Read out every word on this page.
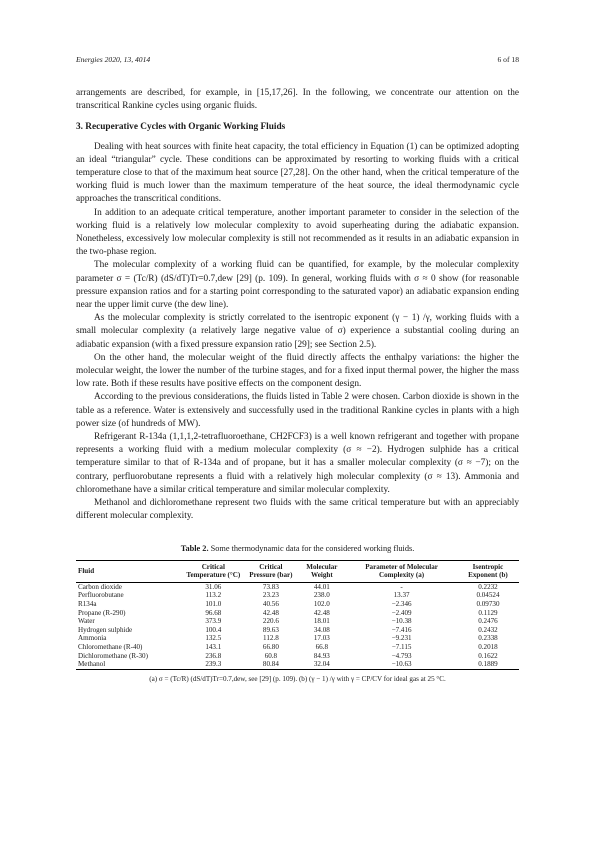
Energies 2020, 13, 4014	6 of 18

arrangements are described, for example, in [15,17,26]. In the following, we concentrate our attention on the transcritical Rankine cycles using organic fluids.

3. Recuperative Cycles with Organic Working Fluids

Dealing with heat sources with finite heat capacity, the total efficiency in Equation (1) can be optimized adopting an ideal “triangular” cycle. These conditions can be approximated by resorting to working fluids with a critical temperature close to that of the maximum heat source [27,28]. On the other hand, when the critical temperature of the working fluid is much lower than the maximum temperature of the heat source, the ideal thermodynamic cycle approaches the transcritical conditions.

In addition to an adequate critical temperature, another important parameter to consider in the selection of the working fluid is a relatively low molecular complexity to avoid superheating during the adiabatic expansion. Nonetheless, excessively low molecular complexity is still not recommended as it results in an adiabatic expansion in the two-phase region.

The molecular complexity of a working fluid can be quantified, for example, by the molecular complexity parameter σ = (Tc/R) (dS/dT)Tr=0.7,dew [29] (p. 109). In general, working fluids with σ ≈ 0 show (for reasonable pressure expansion ratios and for a starting point corresponding to the saturated vapor) an adiabatic expansion ending near the upper limit curve (the dew line).

As the molecular complexity is strictly correlated to the isentropic exponent (γ − 1) /γ, working fluids with a small molecular complexity (a relatively large negative value of σ) experience a substantial cooling during an adiabatic expansion (with a fixed pressure expansion ratio [29]; see Section 2.5).

On the other hand, the molecular weight of the fluid directly affects the enthalpy variations: the higher the molecular weight, the lower the number of the turbine stages, and for a fixed input thermal power, the higher the mass low rate. Both if these results have positive effects on the component design.

According to the previous considerations, the fluids listed in Table 2 were chosen. Carbon dioxide is shown in the table as a reference. Water is extensively and successfully used in the traditional Rankine cycles in plants with a high power size (of hundreds of MW).

Refrigerant R-134a (1,1,1,2-tetrafluoroethane, CH2FCF3) is a well known refrigerant and together with propane represents a working fluid with a medium molecular complexity (σ ≈ −2). Hydrogen sulphide has a critical temperature similar to that of R-134a and of propane, but it has a smaller molecular complexity (σ ≈ −7); on the contrary, perfluorobutane represents a fluid with a relatively high molecular complexity (σ ≈ 13). Ammonia and chloromethane have a similar critical temperature and similar molecular complexity.

Methanol and dichloromethane represent two fluids with the same critical temperature but with an appreciably different molecular complexity.

Table 2. Some thermodynamic data for the considered working fluids.
Fluid	Critical Temperature (°C)	Critical Pressure (bar)	Molecular Weight	Parameter of Molecular Complexity (a)	Isentropic Exponent (b)
Carbon dioxide	31.06	73.83	44.01	-	0.2232
Perfluorobutane	113.2	23.23	238.0	13.37	0.04524
R134a	101.0	40.56	102.0	−2.346	0.09730
Propane (R-290)	96.68	42.48	42.48	−2.409	0.1129
Water	373.9	220.6	18.01	−10.38	0.2476
Hydrogen sulphide	100.4	89.63	34.08	−7.416	0.2432
Ammonia	132.5	112.8	17.03	−9.231	0.2338
Chloromethane (R-40)	143.1	66.80	66.8	−7.115	0.2018
Dichloromethane (R-30)	236.8	60.8	84.93	−4.793	0.1622
Methanol	239.3	80.84	32.04	−10.63	0.1889
(a) σ = (Tc/R) (dS/dT)Tr=0.7,dew, see [29] (p. 109). (b) (γ − 1) /γ with γ = CP/CV for ideal gas at 25 °C.
